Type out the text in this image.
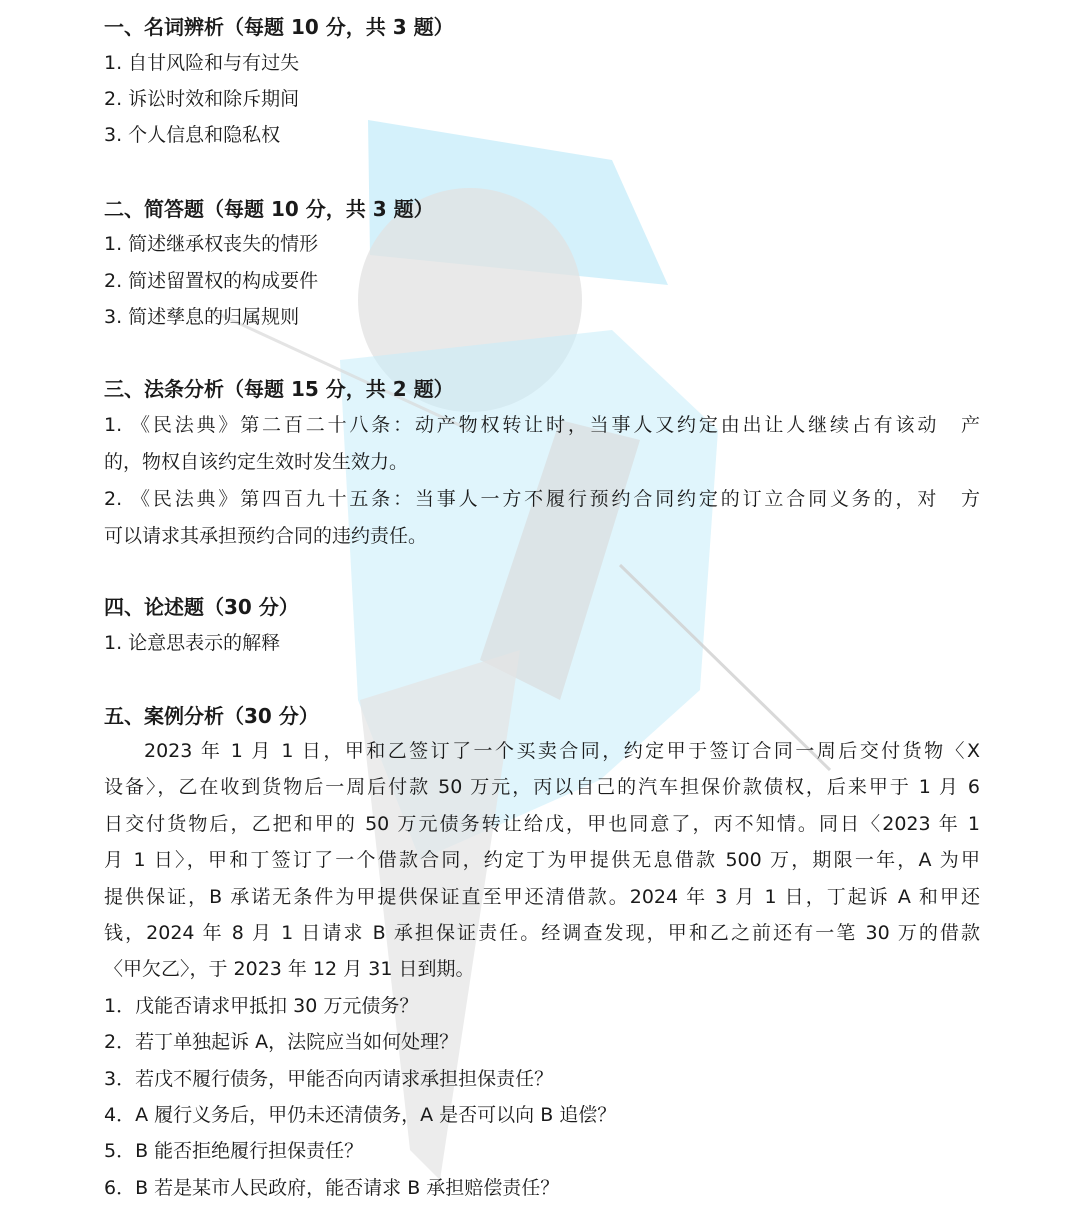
一、名词辨析（每题 10 分，共 3 题）

1. 自甘风险和与有过失

2. 诉讼时效和除斥期间

3. 个人信息和隐私权

二、简答题（每题 10 分，共 3 题）

1. 简述继承权丧失的情形

2. 简述留置权的构成要件

3. 简述孳息的归属规则

三、法条分析（每题 15 分，共 2 题）
1. 《民法典》第二百二十八条：动产物权转让时，当事人又约定由出让人继续占有该动　产
的，物权自该约定生效时发生效力。
2. 《民法典》第四百九十五条：当事人一方不履行预约合同约定的订立合同义务的，对　方
可以请求其承担预约合同的违约责任。
四、论述题（30 分）

1. 论意思表示的解释

五、案例分析（30 分）
2023 年 1 月 1 日，甲和乙签订了一个买卖合同，约定甲于签订合同一周后交付货物〈X
设备〉，乙在收到货物后一周后付款 50 万元，丙以自己的汽车担保价款债权，后来甲于 1 月 6
日交付货物后，乙把和甲的 50 万元债务转让给戊，甲也同意了，丙不知情。同日〈2023 年 1
月 1 日〉，甲和丁签订了一个借款合同，约定丁为甲提供无息借款 500 万，期限一年，A 为甲
提供保证，B 承诺无条件为甲提供保证直至甲还清借款。2024 年 3 月 1 日，丁起诉 A 和甲还
钱，2024 年 8 月 1 日请求 B 承担保证责任。经调查发现，甲和乙之前还有一笔 30 万的借款
〈甲欠乙〉，于 2023 年 12 月 31 日到期。

1．戊能否请求甲抵扣 30 万元债务？

2．若丁单独起诉 A，法院应当如何处理？

3．若戊不履行债务，甲能否向丙请求承担担保责任？

4．A 履行义务后，甲仍未还清债务，A 是否可以向 B 追偿？

5．B 能否拒绝履行担保责任？

6．B 若是某市人民政府，能否请求 B 承担赔偿责任？
